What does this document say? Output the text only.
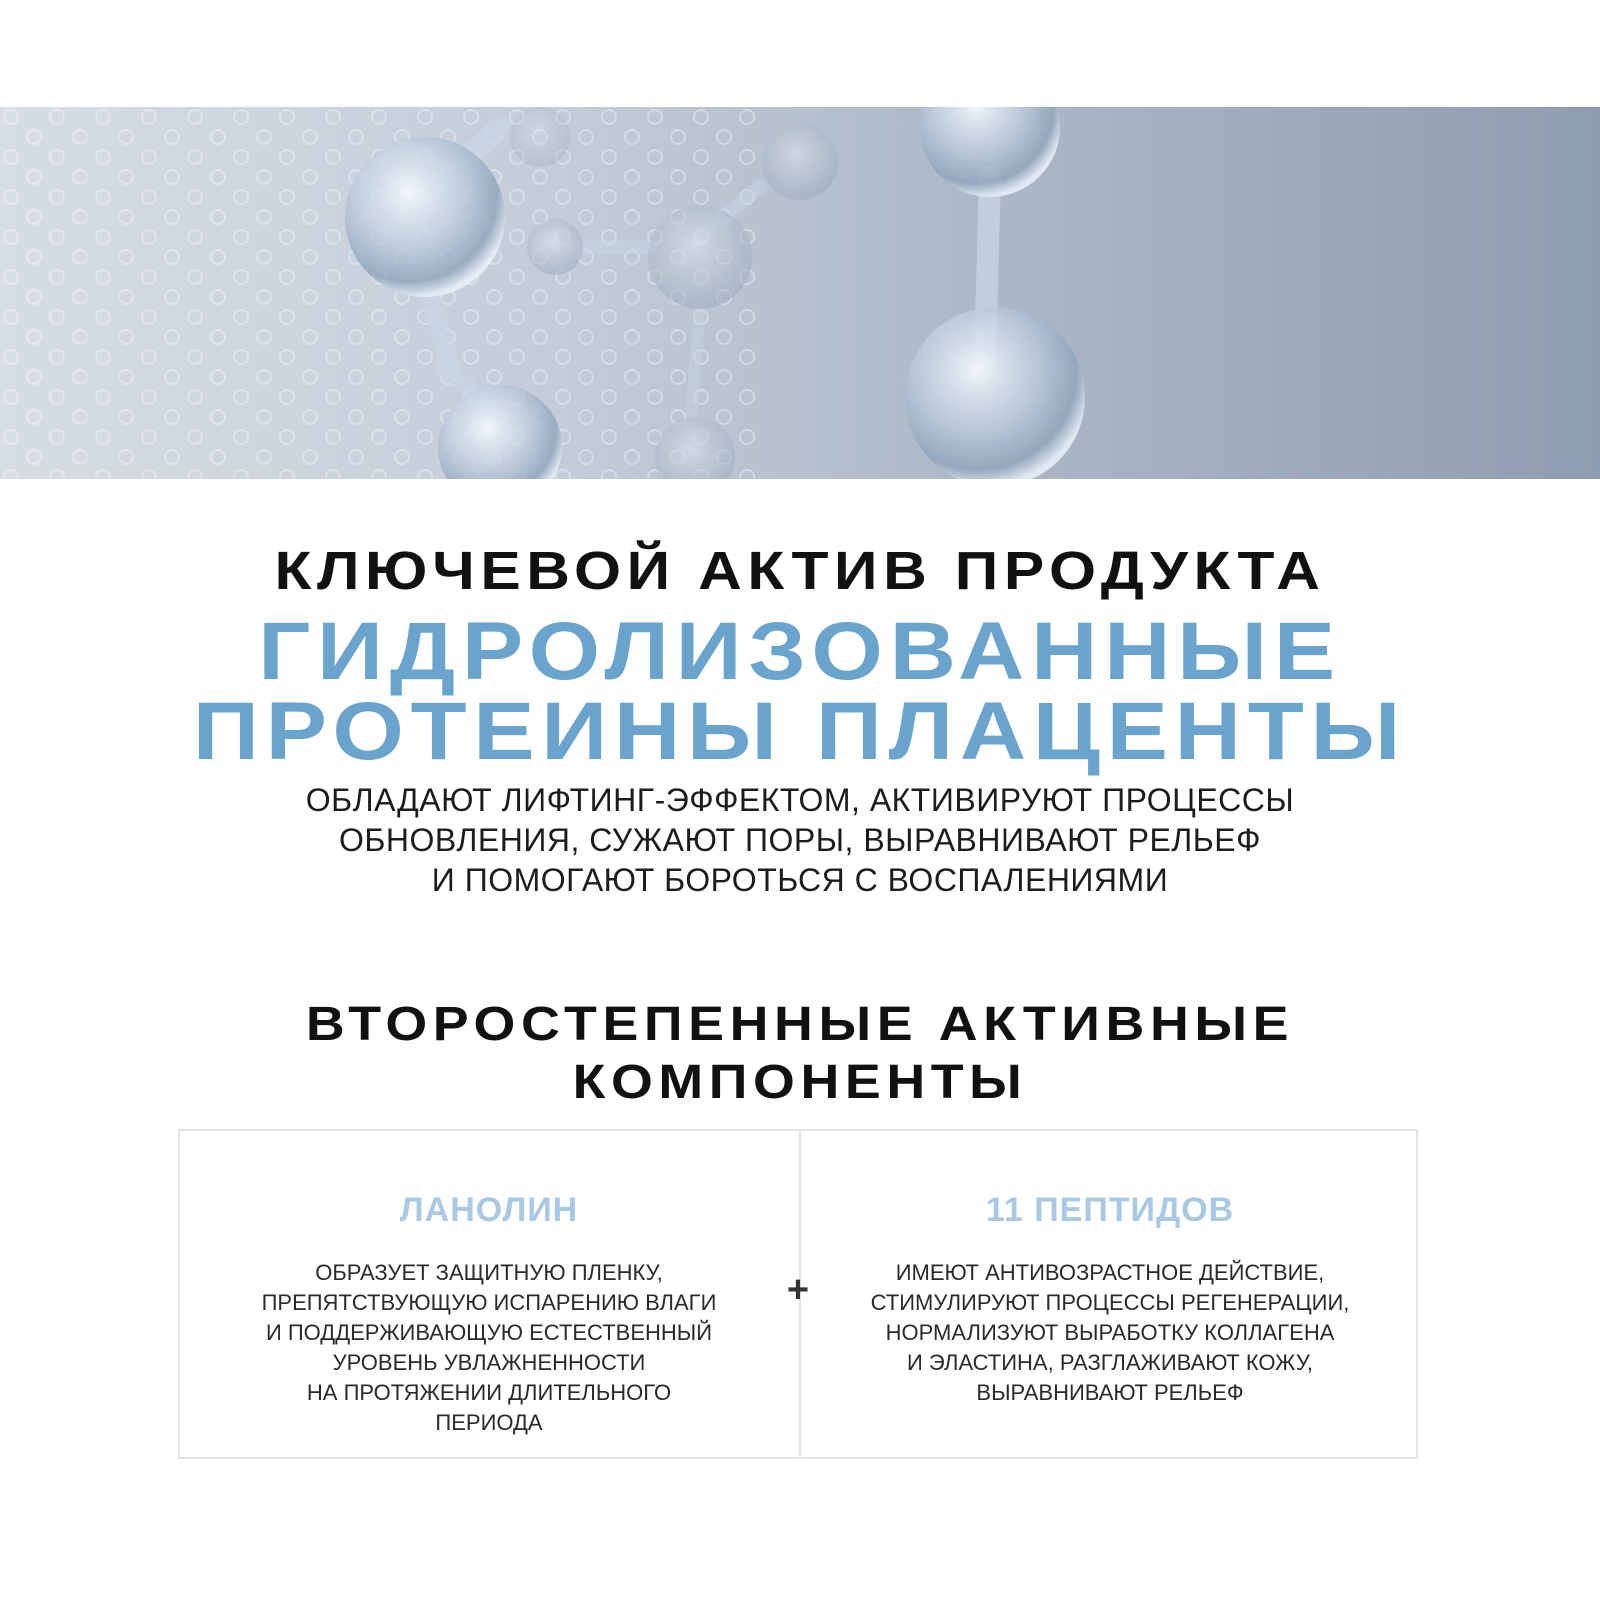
КЛЮЧЕВОЙ АКТИВ ПРОДУКТА
ГИДРОЛИЗОВАННЫЕ
ПРОТЕИНЫ ПЛАЦЕНТЫ
ОБЛАДАЮТ ЛИФТИНГ-ЭФФЕКТОМ, АКТИВИРУЮТ ПРОЦЕССЫ
ОБНОВЛЕНИЯ, СУЖАЮТ ПОРЫ, ВЫРАВНИВАЮТ РЕЛЬЕФ
И ПОМОГАЮТ БОРОТЬСЯ С ВОСПАЛЕНИЯМИ
ВТОРОСТЕПЕННЫЕ АКТИВНЫЕ
КОМПОНЕНТЫ
ЛАНОЛИН
ОБРАЗУЕТ ЗАЩИТНУЮ ПЛЕНКУ,
ПРЕПЯТСТВУЮЩУЮ ИСПАРЕНИЮ ВЛАГИ
И ПОДДЕРЖИВАЮЩУЮ ЕСТЕСТВЕННЫЙ
УРОВЕНЬ УВЛАЖНЕННОСТИ
НА ПРОТЯЖЕНИИ ДЛИТЕЛЬНОГО
ПЕРИОДА
+
11 ПЕПТИДОВ
ИМЕЮТ АНТИВОЗРАСТНОЕ ДЕЙСТВИЕ,
СТИМУЛИРУЮТ ПРОЦЕССЫ РЕГЕНЕРАЦИИ,
НОРМАЛИЗУЮТ ВЫРАБОТКУ КОЛЛАГЕНА
И ЭЛАСТИНА, РАЗГЛАЖИВАЮТ КОЖУ,
ВЫРАВНИВАЮТ РЕЛЬЕФ
